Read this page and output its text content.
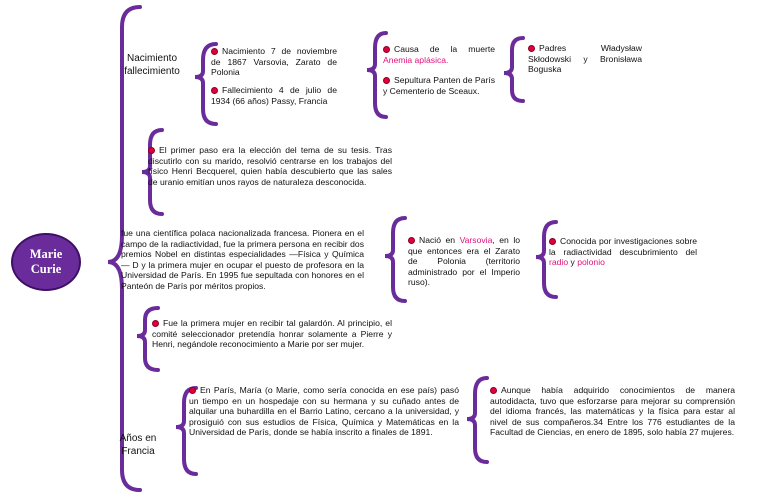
Marie
Curie
Nacimiento
fallecimiento
Años en
Francia
Nacimiento 7 de noviembre de 1867 Varsovia, Zarato de Polonia
Fallecimiento 4 de julio de 1934 (66 años) Passy, Francia
Causa de la muerte Anemia aplásica.
Sepultura Panten de París y Cementerio de Sceaux.
Padres Władysław Skłodowski y Bronisława Boguska
El primer paso era la elección del tema de su tesis. Tras discutirlo con su marido, resolvió centrarse en los trabajos del físico Henri Becquerel, quien había descubierto que las sales de uranio emitían unos rayos de naturaleza desconocida.
fue una científica polaca nacionalizada francesa. Pionera en el campo de la radiactividad, fue la primera persona en recibir dos premios Nobel en distintas especialidades —Física y Química— D y la primera mujer en ocupar el puesto de profesora en la Universidad de París. En 1995 fue sepultada con honores en el Panteón de París por méritos propios.
Nació en Varsovia, en lo que entonces era el Zarato de Polonia (territorio administrado por el Imperio ruso).
Conocida por investigaciones sobre la radiactividad descubrimiento del radio y polonio
Fue la primera mujer en recibir tal galardón. Al principio, el comité seleccionador pretendía honrar solamente a Pierre y Henri, negándole reconocimiento a Marie por ser mujer.
En París, María (o Marie, como sería conocida en ese país) pasó un tiempo en un hospedaje con su hermana y su cuñado antes de alquilar una buhardilla en el Barrio Latino, cercano a la universidad, y prosiguió con sus estudios de Física, Química y Matemáticas en la Universidad de París, donde se había inscrito a finales de 1891.
Aunque había adquirido conocimientos de manera autodidacta, tuvo que esforzarse para mejorar su comprensión del idioma francés, las matemáticas y la física para estar al nivel de sus compañeros.34 Entre los 776 estudiantes de la Facultad de Ciencias, en enero de 1895, solo había 27 mujeres.
